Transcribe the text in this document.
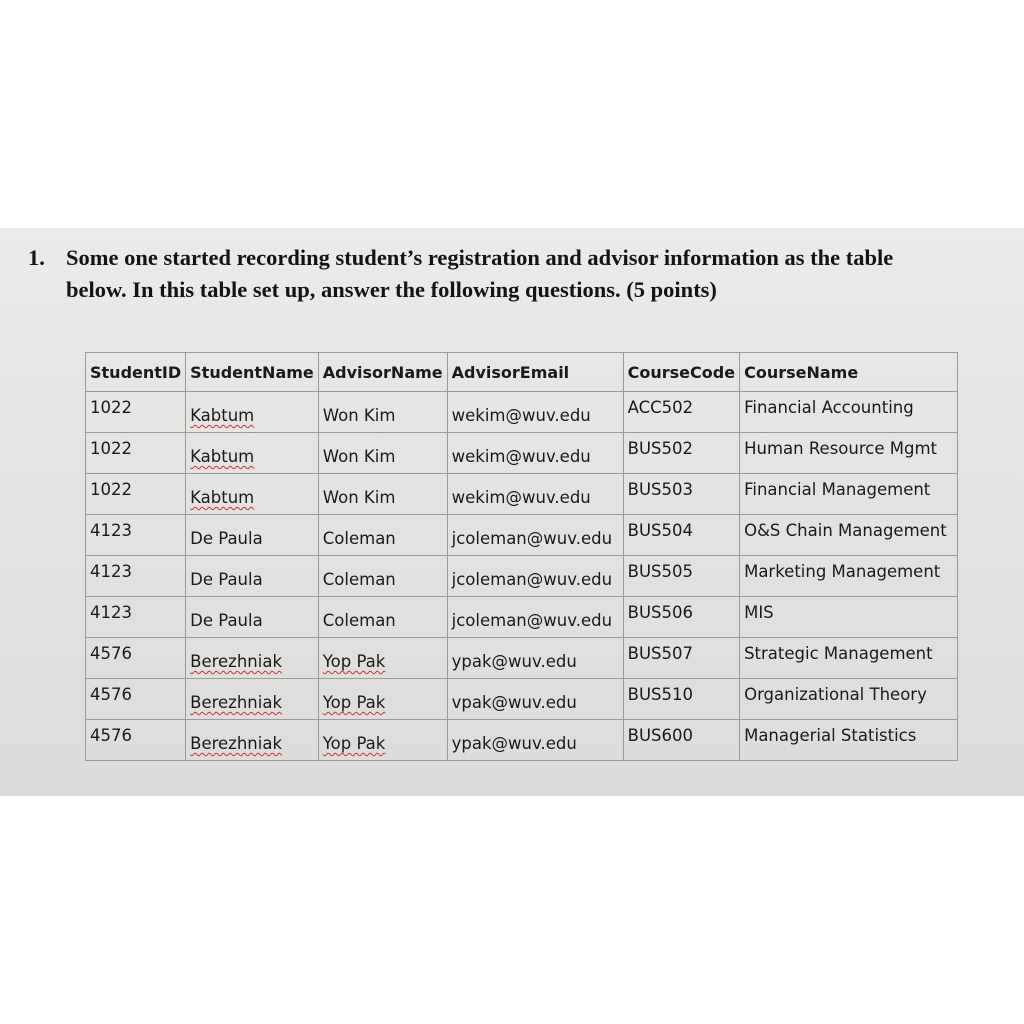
1. Some one started recording student’s registration and advisor information as the table
below. In this table set up, answer the following questions. (5 points)
StudentID	StudentName	AdvisorName	AdvisorEmail	CourseCode	CourseName

1022	Kabtum	Won Kim	wekim@wuv.edu	ACC502	Financial Accounting

1022	Kabtum	Won Kim	wekim@wuv.edu	BUS502	Human Resource Mgmt

1022	Kabtum	Won Kim	wekim@wuv.edu	BUS503	Financial Management

4123	De Paula	Coleman	jcoleman@wuv.edu	BUS504	O&S Chain Management

4123	De Paula	Coleman	jcoleman@wuv.edu	BUS505	Marketing Management

4123	De Paula	Coleman	jcoleman@wuv.edu	BUS506	MIS

4576	Berezhniak	Yop Pak	ypak@wuv.edu	BUS507	Strategic Management

4576	Berezhniak	Yop Pak	vpak@wuv.edu	BUS510	Organizational Theory

4576	Berezhniak	Yop Pak	ypak@wuv.edu	BUS600	Managerial Statistics
